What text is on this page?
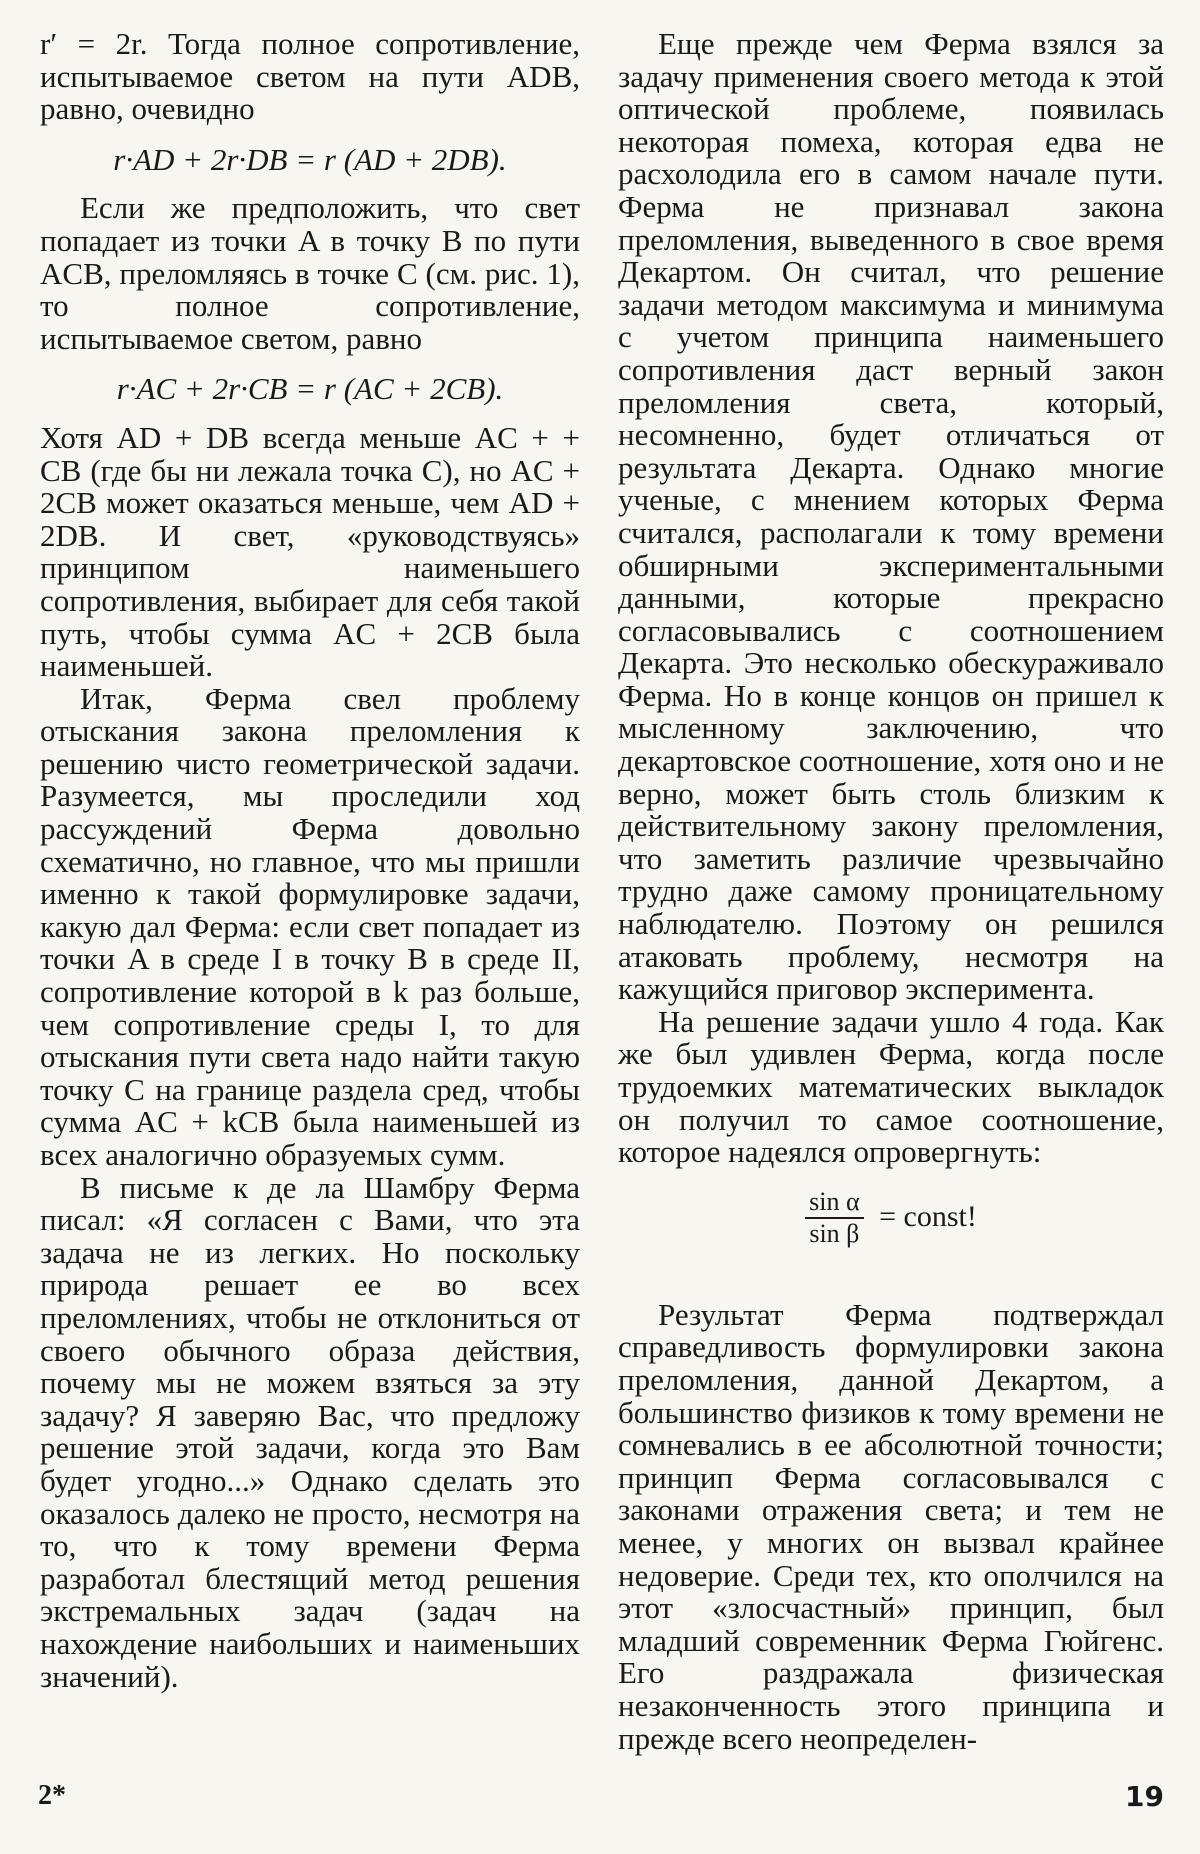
r′ = 2r. Тогда полное сопротивление, испытываемое светом на пути ADB, равно, очевидно

r·AD + 2r·DB = r (AD + 2DB).

Если же предположить, что свет попадает из точки A в точку B по пути ACB, преломляясь в точке C (см. рис. 1), то полное сопротивление, испытываемое светом, равно

r·AC + 2r·CB = r (AC + 2CB).

Хотя AD + DB всегда меньше AC + + CB (где бы ни лежала точка C), но AC + 2CB может оказаться меньше, чем AD + 2DB. И свет, «руководствуясь» принципом наименьшего сопротивления, выбирает для себя такой путь, чтобы сумма AC + 2CB была наименьшей.

Итак, Ферма свел проблему отыскания закона преломления к решению чисто геометрической задачи. Разумеется, мы проследили ход рассуждений Ферма довольно схематично, но главное, что мы пришли именно к такой формулировке задачи, какую дал Ферма: если свет попадает из точки A в среде I в точку B в среде II, сопротивление которой в k раз больше, чем сопротивление среды I, то для отыскания пути света надо найти такую точку C на границе раздела сред, чтобы сумма AC + kCB была наименьшей из всех аналогично образуемых сумм.

В письме к де ла Шамбру Ферма писал: «Я согласен с Вами, что эта задача не из легких. Но поскольку природа решает ее во всех преломлениях, чтобы не отклониться от своего обычного образа действия, почему мы не можем взяться за эту задачу? Я заверяю Вас, что предложу решение этой задачи, когда это Вам будет угодно...» Однако сделать это оказалось далеко не просто, несмотря на то, что к тому времени Ферма разработал блестящий метод решения экстремальных задач (задач на нахождение наибольших и наименьших значений).

Еще прежде чем Ферма взялся за задачу применения своего метода к этой оптической проблеме, появилась некоторая помеха, которая едва не расхолодила его в самом начале пути. Ферма не признавал закона преломления, выведенного в свое время Декартом. Он считал, что решение задачи методом максимума и минимума с учетом принципа наименьшего сопротивления даст верный закон преломления света, который, несомненно, будет отличаться от результата Декарта. Однако многие ученые, с мнением которых Ферма считался, располагали к тому времени обширными экспериментальными данными, которые прекрасно согласовывались с соотношением Декарта. Это несколько обескураживало Ферма. Но в конце концов он пришел к мысленному заключению, что декартовское соотношение, хотя оно и не верно, может быть столь близким к действительному закону преломления, что заметить различие чрезвычайно трудно даже самому проницательному наблюдателю. Поэтому он решился атаковать проблему, несмотря на кажущийся приговор эксперимента.

На решение задачи ушло 4 года. Как же был удивлен Ферма, когда после трудоемких математических выкладок он получил то самое соотношение, которое надеялся опровергнуть:

$\frac{\text{sin α}}{\text{sin β}}$ = const!

Результат Ферма подтверждал справедливость формулировки закона преломления, данной Декартом, а большинство физиков к тому времени не сомневались в ее абсолютной точности; принцип Ферма согласовывался с законами отражения света; и тем не менее, у многих он вызвал крайнее недоверие. Среди тех, кто ополчился на этот «злосчастный» принцип, был младший современник Ферма Гюйгенс. Его раздражала физическая незаконченность этого принципа и прежде всего неопределен-

2*	19
